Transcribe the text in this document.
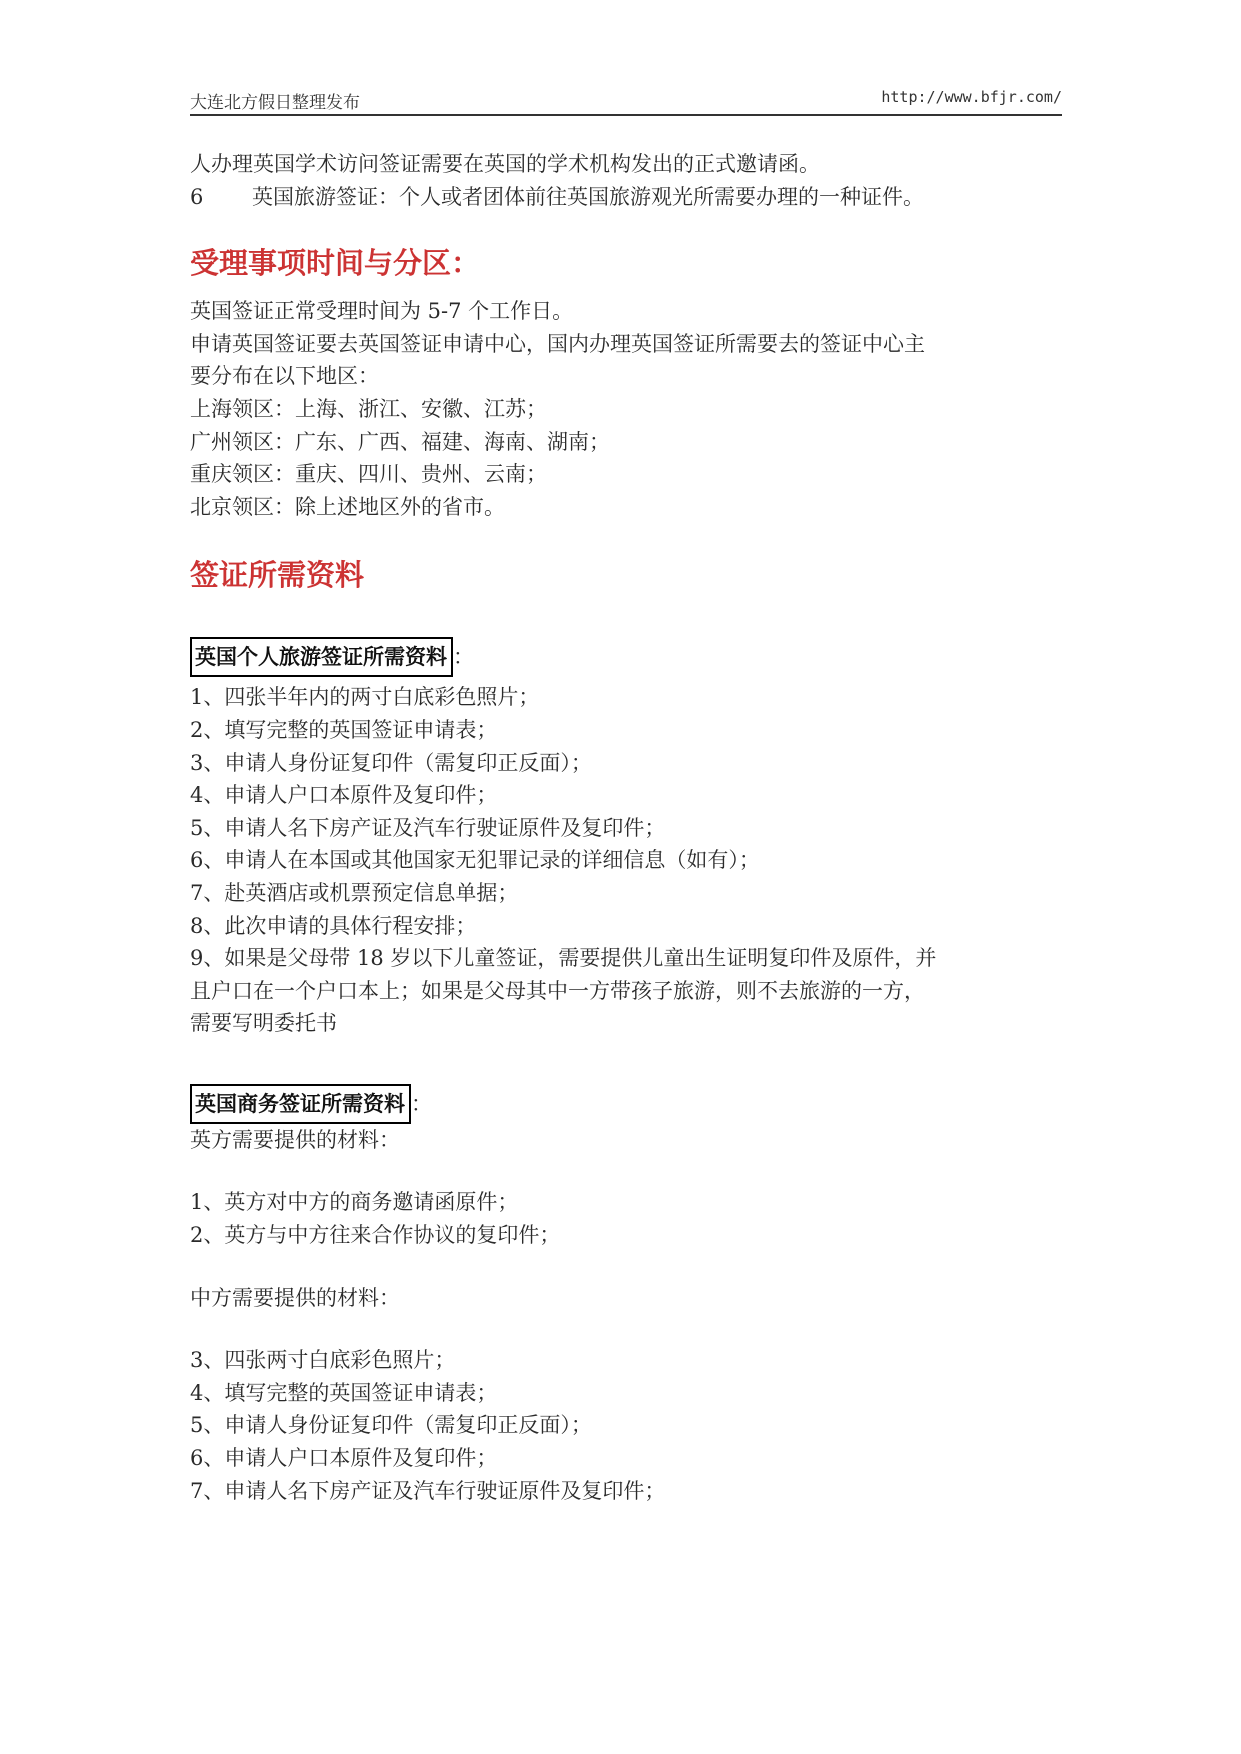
大连北方假日整理发布	http://www.bfjr.com/
人办理英国学术访问签证需要在英国的学术机构发出的正式邀请函。
6 英国旅游签证：个人或者团体前往英国旅游观光所需要办理的一种证件。
受理事项时间与分区：
英国签证正常受理时间为 5-7 个工作日。
申请英国签证要去英国签证申请中心，国内办理英国签证所需要去的签证中心主
要分布在以下地区：
上海领区：上海、浙江、安徽、江苏；
广州领区：广东、广西、福建、海南、湖南；
重庆领区：重庆、四川、贵州、云南；
北京领区：除上述地区外的省市。
签证所需资料
英国个人旅游签证所需资料 ：
1、四张半年内的两寸白底彩色照片；
2、填写完整的英国签证申请表；
3、申请人身份证复印件（需复印正反面）；
4、申请人户口本原件及复印件；
5、申请人名下房产证及汽车行驶证原件及复印件；
6、申请人在本国或其他国家无犯罪记录的详细信息（如有）；
7、赴英酒店或机票预定信息单据；
8、此次申请的具体行程安排；
9、如果是父母带 18 岁以下儿童签证，需要提供儿童出生证明复印件及原件，并
且户口在一个户口本上；如果是父母其中一方带孩子旅游，则不去旅游的一方，
需要写明委托书
英国商务签证所需资料 ：
英方需要提供的材料：
1、英方对中方的商务邀请函原件；
2、英方与中方往来合作协议的复印件；
中方需要提供的材料：
3、四张两寸白底彩色照片；
4、填写完整的英国签证申请表；
5、申请人身份证复印件（需复印正反面）；
6、申请人户口本原件及复印件；
7、申请人名下房产证及汽车行驶证原件及复印件；
